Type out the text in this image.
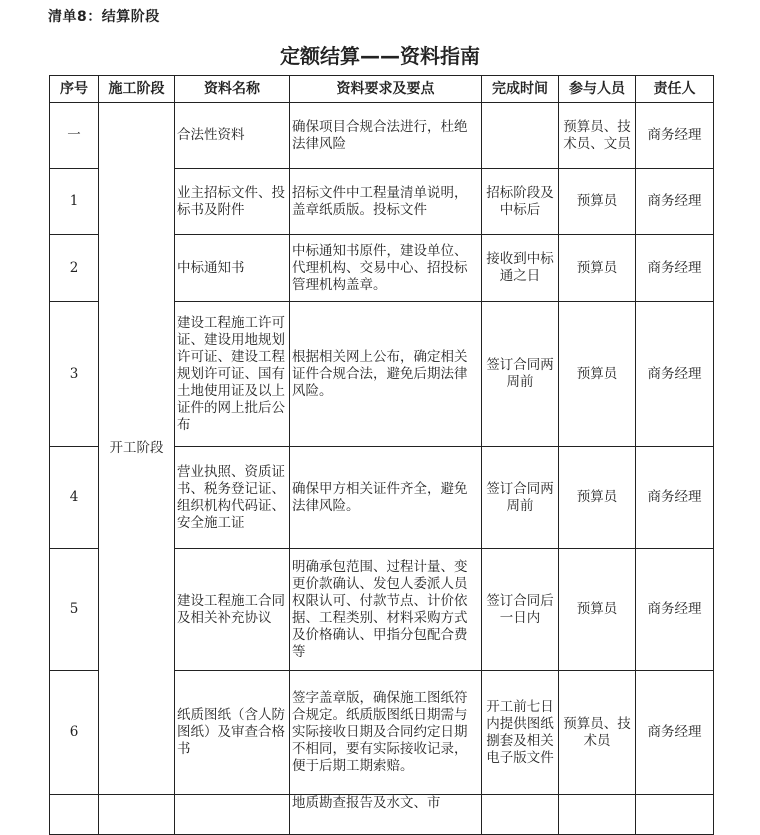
清单8：结算阶段
定额结算——资料指南
序号	施工阶段	资料名称	资料要求及要点	完成时间	参与人员	责任人
一	开工阶段	合法性资料	确保项目合规合法进行，杜绝法律风险		预算员、技术员、文员	商务经理
1		业主招标文件、投标书及附件	招标文件中工程量清单说明，盖章纸质版。投标文件	招标阶段及中标后	预算员	商务经理
2		中标通知书	中标通知书原件，建设单位、代理机构、交易中心、招投标管理机构盖章。	接收到中标通之日	预算员	商务经理
3		建设工程施工许可证、建设用地规划许可证、建设工程规划许可证、国有土地使用证及以上证件的网上批后公布	根据相关网上公布，确定相关证件合规合法，避免后期法律风险。	签订合同两周前	预算员	商务经理
4		营业执照、资质证书、税务登记证、组织机构代码证、安全施工证	确保甲方相关证件齐全，避免法律风险。	签订合同两周前	预算员	商务经理
5		建设工程施工合同及相关补充协议	明确承包范围、过程计量、变更价款确认、发包人委派人员权限认可、付款节点、计价依据、工程类别、材料采购方式及价格确认、甲指分包配合费等	签订合同后一日内	预算员	商务经理
6		纸质图纸（含人防图纸）及审查合格书	签字盖章版，确保施工图纸符合规定。纸质版图纸日期需与实际接收日期及合同约定日期不相同，要有实际接收记录，便于后期工期索赔。	开工前七日内提供图纸捌套及相关电子版文件	预算员、技术员	商务经理
			地质勘查报告及水文、市			
